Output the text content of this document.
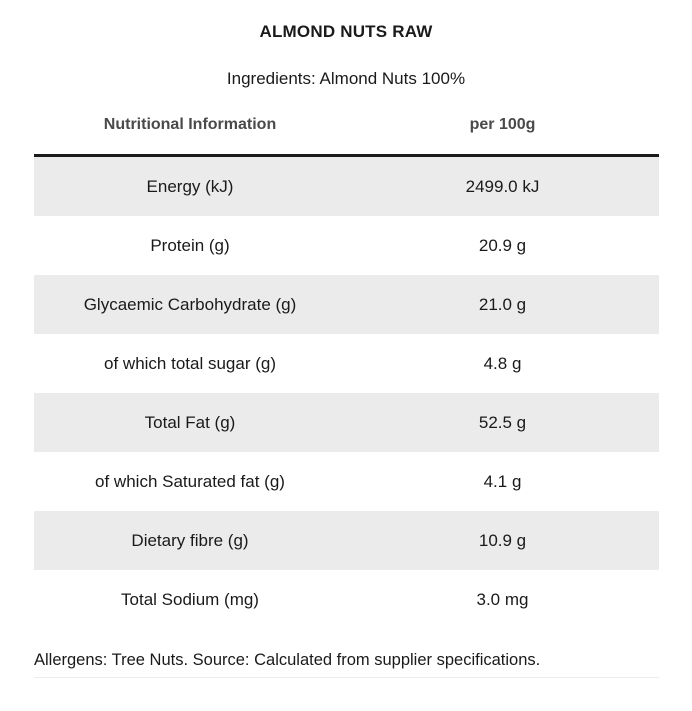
ALMOND NUTS RAW
Ingredients: Almond Nuts 100%
Nutritional Information	per 100g
Energy (kJ)	2499.0 kJ
Protein (g)	20.9 g
Glycaemic Carbohydrate (g)	21.0 g
of which total sugar (g)	4.8 g
Total Fat (g)	52.5 g
of which Saturated fat (g)	4.1 g
Dietary fibre (g)	10.9 g
Total Sodium (mg)	3.0 mg
Allergens: Tree Nuts. Source: Calculated from supplier specifications.
